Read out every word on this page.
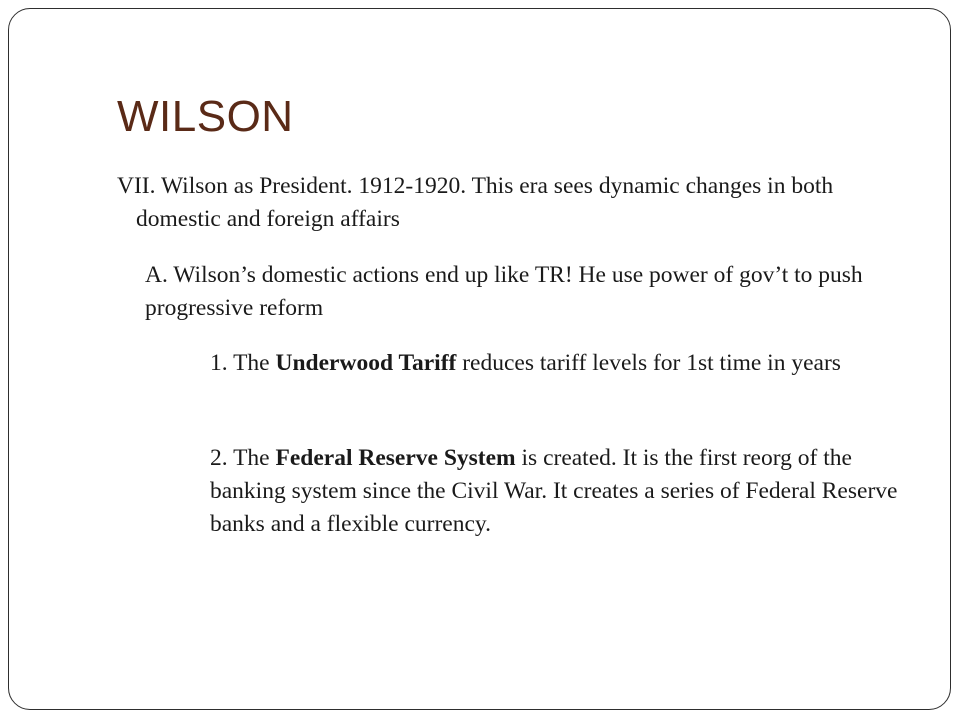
WILSON

VII. Wilson as President. 1912-1920. This era sees dynamic changes in both domestic and foreign affairs

A. Wilson’s domestic actions end up like TR! He use power of gov’t to push progressive reform

1. The Underwood Tariff reduces tariff levels for 1st time in years

2. The Federal Reserve System is created. It is the first reorg of the banking system since the Civil War. It creates a series of Federal Reserve banks and a flexible currency.
